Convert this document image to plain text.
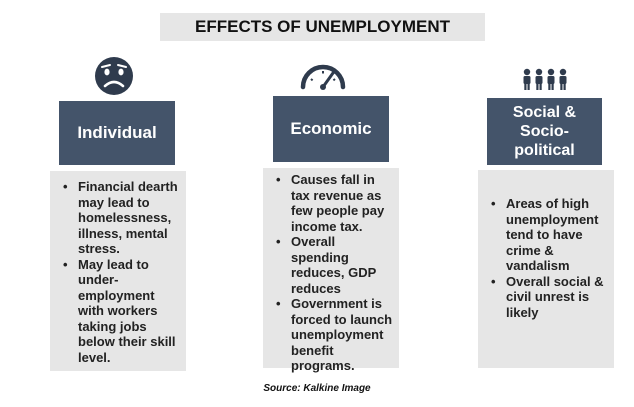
EFFECTS OF UNEMPLOYMENT
Individual
• Financial dearth may lead to homelessness, illness, mental stress.
• May lead to under-employment with workers taking jobs below their skill level.
Economic
• Causes fall in tax revenue as few people pay income tax.
• Overall spending reduces, GDP reduces
• Government is forced to launch unemployment benefit programs.
Social &
Socio-
political
• Areas of high unemployment tend to have crime & vandalism
• Overall social & civil unrest is likely
Source: Kalkine Image
